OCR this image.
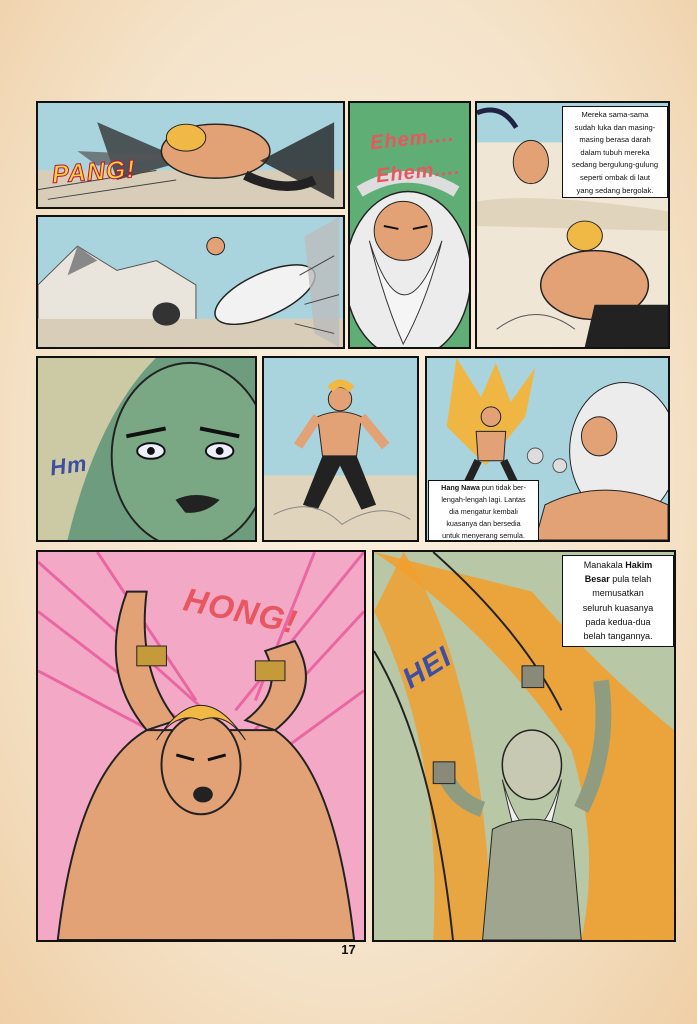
PANG!
Ehem....
Ehem....

Mereka sama-sama

sudah luka dan masing-

masing berasa darah

dalam tubuh mereka

sedang bergulung-gulung

seperti ombak di laut

yang sedang bergolak.

Hm

Hang Nawa pun tidak ber-

lengah-lengah lagi. Lantas

dia mengatur kembali

kuasanya dan bersedia

untuk menyerang semula.

HONG!
HEI

Manakala Hakim

Besar pula telah

memusatkan

seluruh kuasanya

pada kedua-dua

belah tangannya.

17
